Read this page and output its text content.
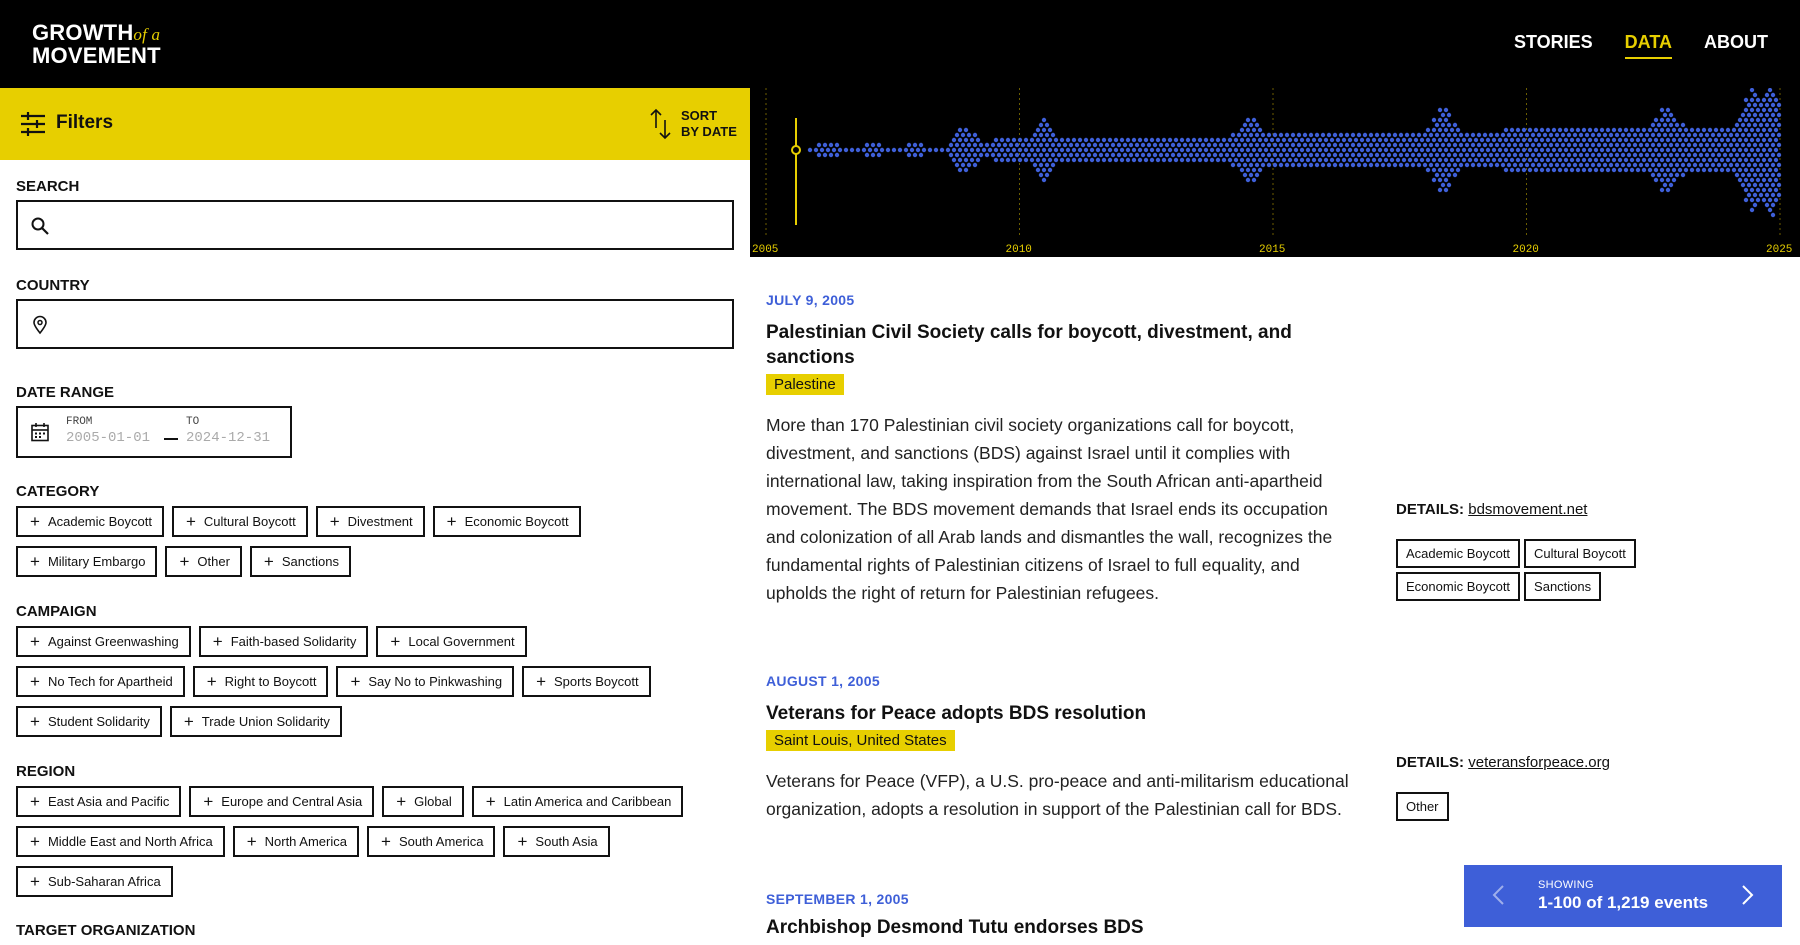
GROWTHof a
MOVEMENT
STORIES DATA ABOUT
Filters	SORT
BY DATE
SEARCH
COUNTRY
DATE RANGE
FROM
2005-01-01
TO
2024-12-31
CATEGORY
+ Academic Boycott + Cultural Boycott + Divestment + Economic Boycott
+ Military Embargo + Other + Sanctions
CAMPAIGN
+ Against Greenwashing + Faith-based Solidarity + Local Government
+ No Tech for Apartheid + Right to Boycott + Say No to Pinkwashing + Sports Boycott
+ Student Solidarity + Trade Union Solidarity
REGION
+ East Asia and Pacific + Europe and Central Asia + Global + Latin America and Caribbean
+ Middle East and North Africa + North America + South America + South Asia
+ Sub-Saharan Africa
TARGET ORGANIZATION
2005	2010	2015	2020	2025
JULY 9, 2005
Palestinian Civil Society calls for boycott, divestment, and sanctions
Palestine
More than 170 Palestinian civil society organizations call for boycott, divestment, and sanctions (BDS) against Israel until it complies with international law, taking inspiration from the South African anti-apartheid movement. The BDS movement demands that Israel ends its occupation and colonization of all Arab lands and dismantles the wall, recognizes the fundamental rights of Palestinian citizens of Israel to full equality, and upholds the right of return for Palestinian refugees.
DETAILS: bdsmovement.net
Academic Boycott	Cultural Boycott
Economic Boycott	Sanctions
AUGUST 1, 2005
Veterans for Peace adopts BDS resolution
Saint Louis, United States
Veterans for Peace (VFP), a U.S. pro-peace and anti-militarism educational organization, adopts a resolution in support of the Palestinian call for BDS.
DETAILS: veteransforpeace.org
Other
SEPTEMBER 1, 2005
Archbishop Desmond Tutu endorses BDS
SHOWING
1-100 of 1,219 events
